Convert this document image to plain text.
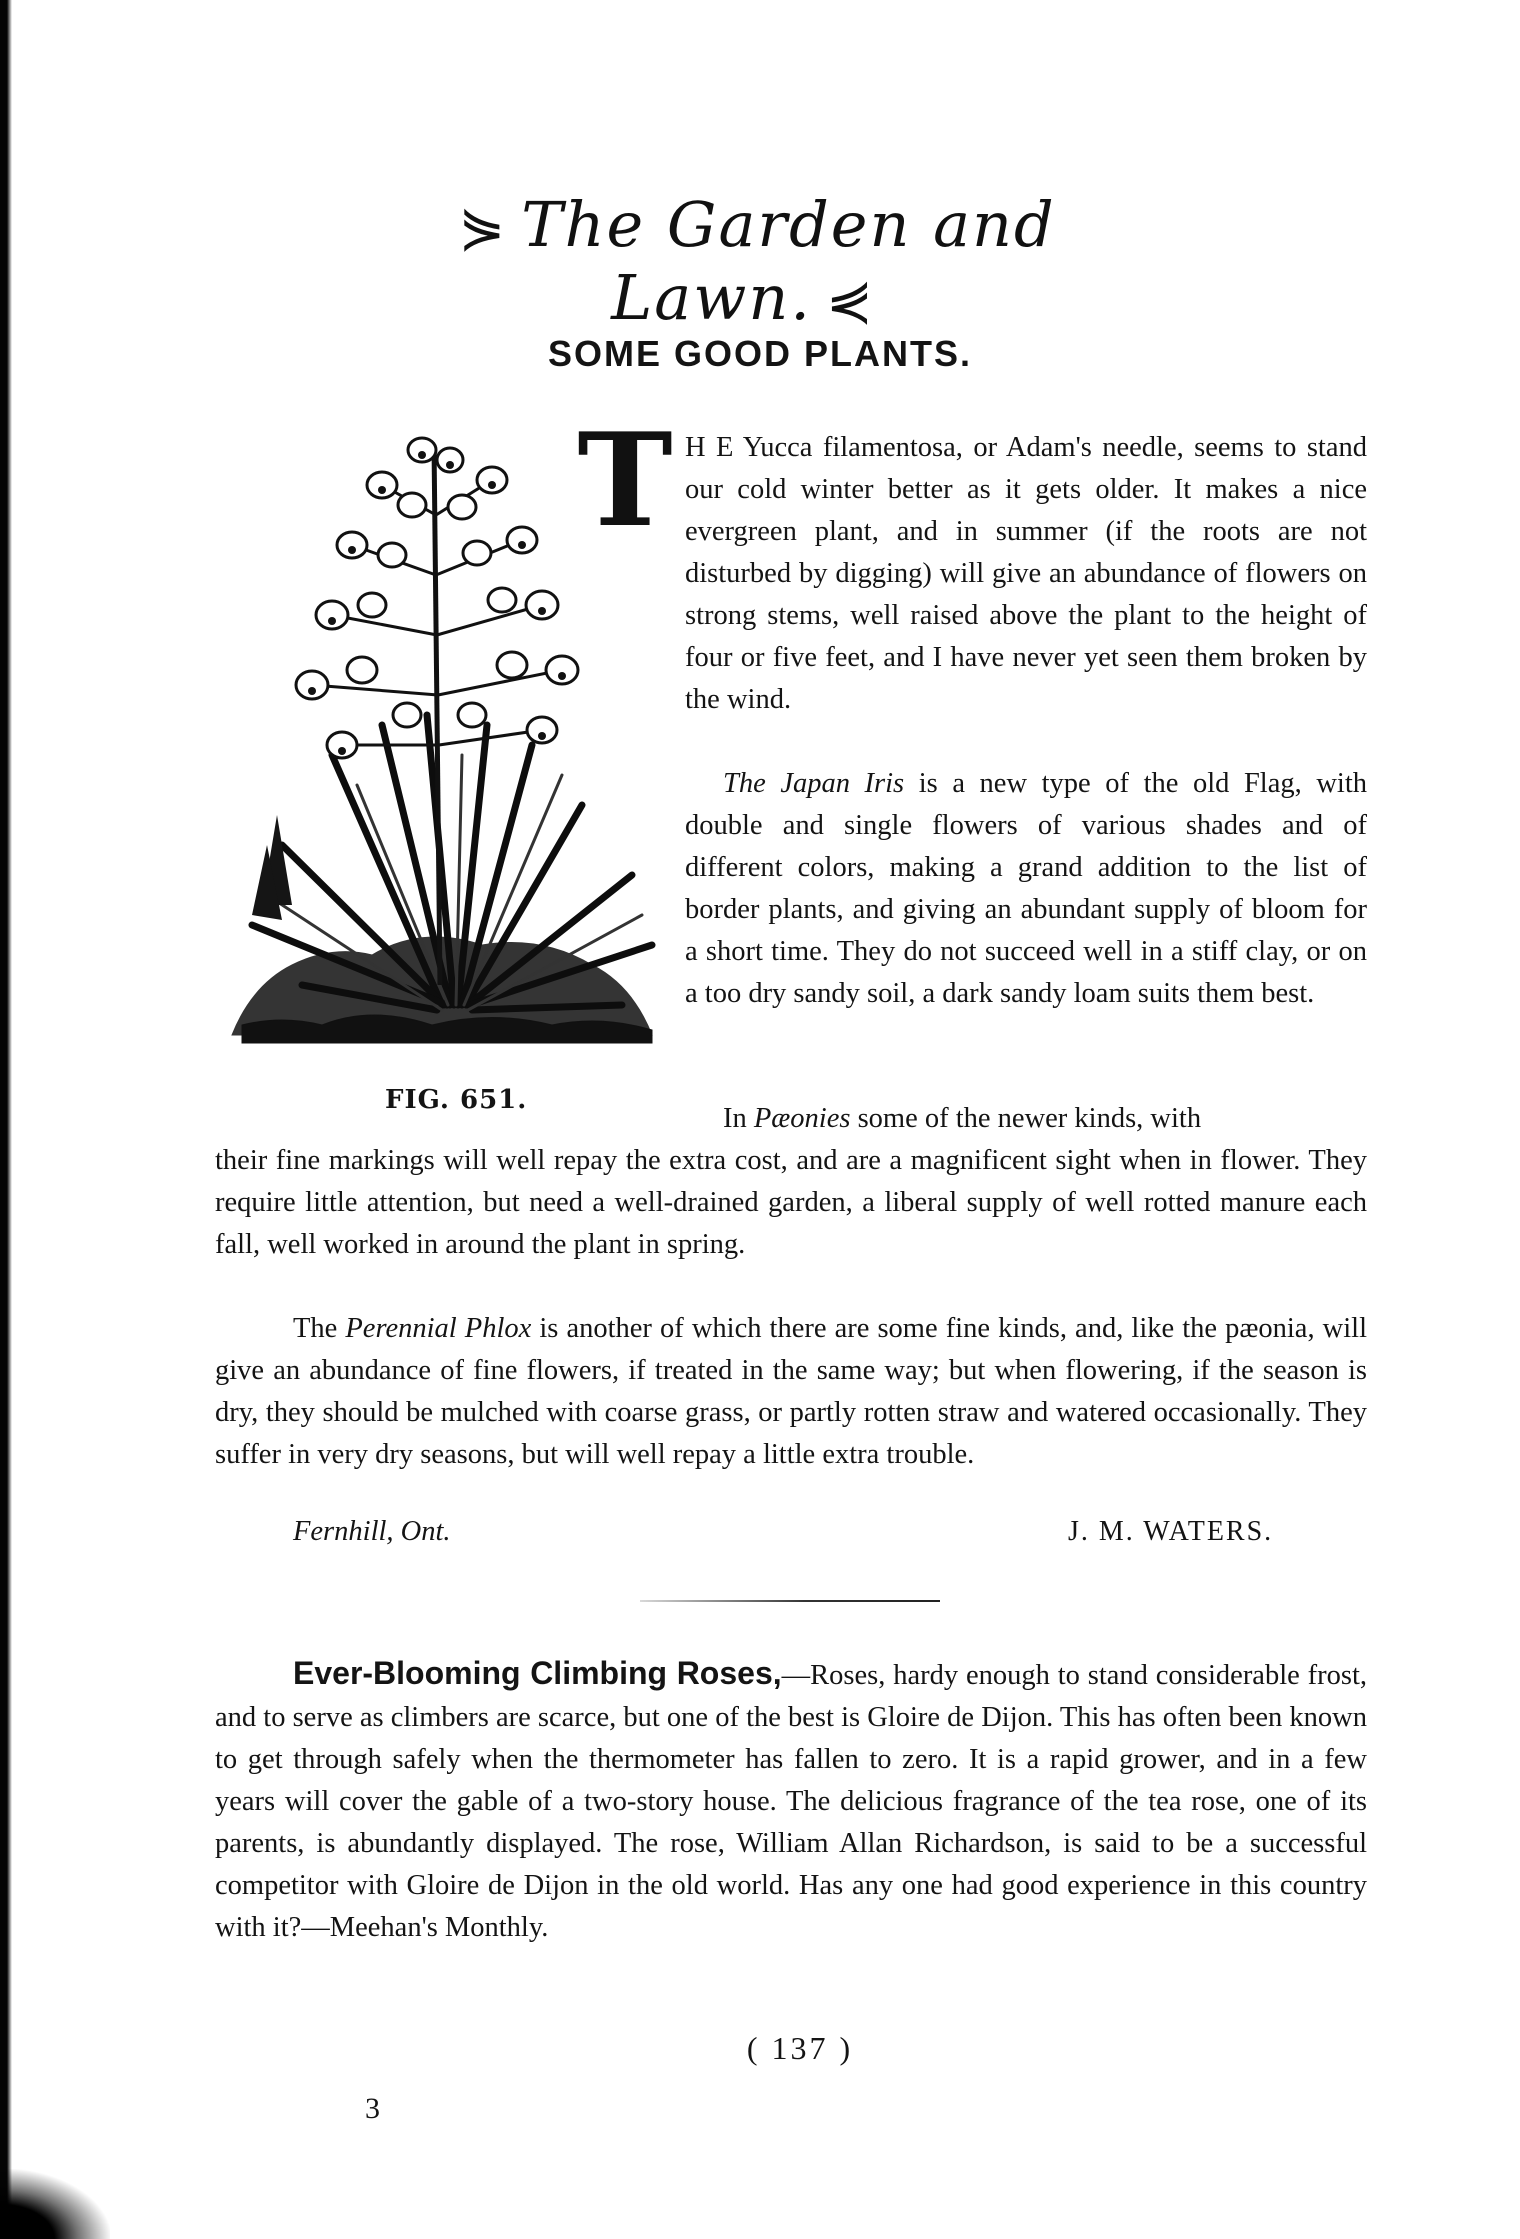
⋟ The Garden and Lawn. ⋞
SOME GOOD PLANTS.
FIG. 651.
T H E Yucca filamentosa, or Adam's needle, seems to stand our cold winter better as it gets older. It makes a nice evergreen plant, and in summer (if the roots are not disturbed by digging) will give an abundance of flowers on strong stems, well raised above the plant to the height of four or five feet, and I have never yet seen them broken by the wind.
The Japan Iris is a new type of the old Flag, with double and single flowers of various shades and of different colors, making a grand addition to the list of border plants, and giving an abundant supply of bloom for a short time. They do not succeed well in a stiff clay, or on a too dry sandy soil, a dark sandy loam suits them best.
In Pæonies some of the newer kinds, with
their fine markings will well repay the extra cost, and are a magnificent sight when in flower. They require little attention, but need a well-drained garden, a liberal supply of well rotted manure each fall, well worked in around the plant in spring.
The Perennial Phlox is another of which there are some fine kinds, and, like the pæonia, will give an abundance of fine flowers, if treated in the same way; but when flowering, if the season is dry, they should be mulched with coarse grass, or partly rotten straw and watered occasionally. They suffer in very dry seasons, but will well repay a little extra trouble.
Fernhill, Ont.	J. M. WATERS.
Ever-Blooming Climbing Roses,—Roses, hardy enough to stand considerable frost, and to serve as climbers are scarce, but one of the best is Gloire de Dijon. This has often been known to get through safely when the thermometer has fallen to zero. It is a rapid grower, and in a few years will cover the gable of a two-story house. The delicious fragrance of the tea rose, one of its parents, is abundantly displayed. The rose, William Allan Richardson, is said to be a successful competitor with Gloire de Dijon in the old world. Has any one had good experience in this country with it?—Meehan's Monthly.
( 137 )
3
